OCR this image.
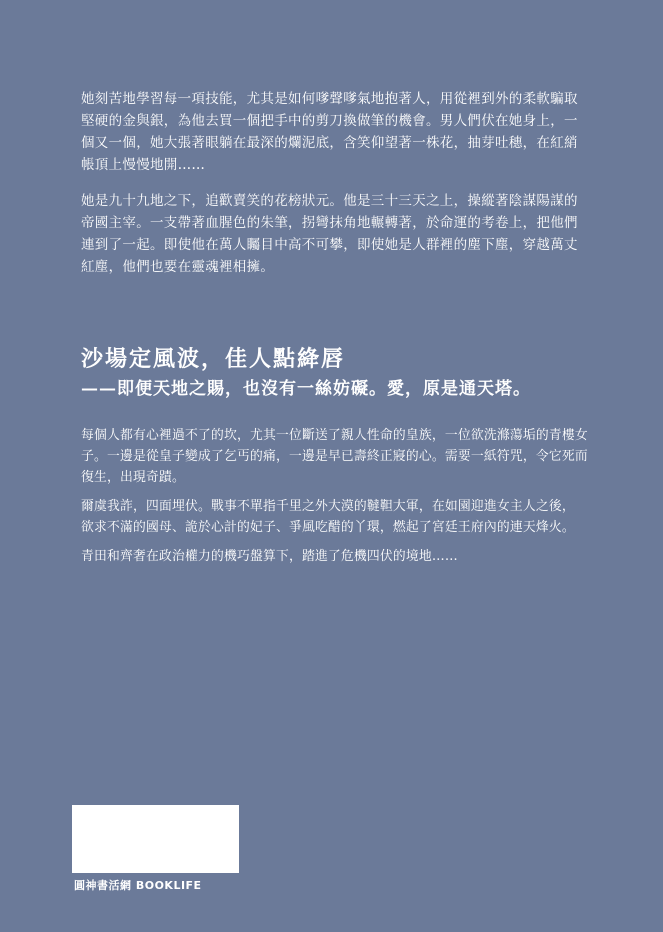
她刻苦地學習每一項技能，尤其是如何嗲聲嗲氣地抱著人，用從裡到外的柔軟騙取堅硬的金與銀，為他去買一個把手中的剪刀換做筆的機會。男人們伏在她身上，一個又一個，她大張著眼躺在最深的爛泥底，含笑仰望著一株花，抽芽吐穗，在紅綃帳頂上慢慢地開……

她是九十九地之下，追歡賣笑的花榜狀元。他是三十三天之上，操縱著陰謀陽謀的帝國主宰。一支帶著血腥色的朱筆，拐彎抹角地輾轉著，於命運的考卷上，把他們連到了一起。即使他在萬人矚目中高不可攀，即使她是人群裡的塵下塵，穿越萬丈紅塵，他們也要在靈魂裡相擁。

沙場定風波，佳人點絳唇
——即便天地之賜，也沒有一絲妨礙。愛，原是通天塔。

每個人都有心裡過不了的坎，尤其一位斷送了親人性命的皇族，一位欲洗滌蕩垢的青樓女子。一邊是從皇子變成了乞丐的痛，一邊是早已壽終正寢的心。需要一紙符咒，令它死而復生，出現奇蹟。

爾虞我詐，四面埋伏。戰事不單指千里之外大漠的韃靼大軍，在如園迎進女主人之後， 欲求不滿的國母、詭於心計的妃子、爭風吃醋的丫環，燃起了宮廷王府內的連天烽火。

青田和齊奢在政治權力的機巧盤算下，踏進了危機四伏的境地……

圓神書活網 BOOKLIFE
